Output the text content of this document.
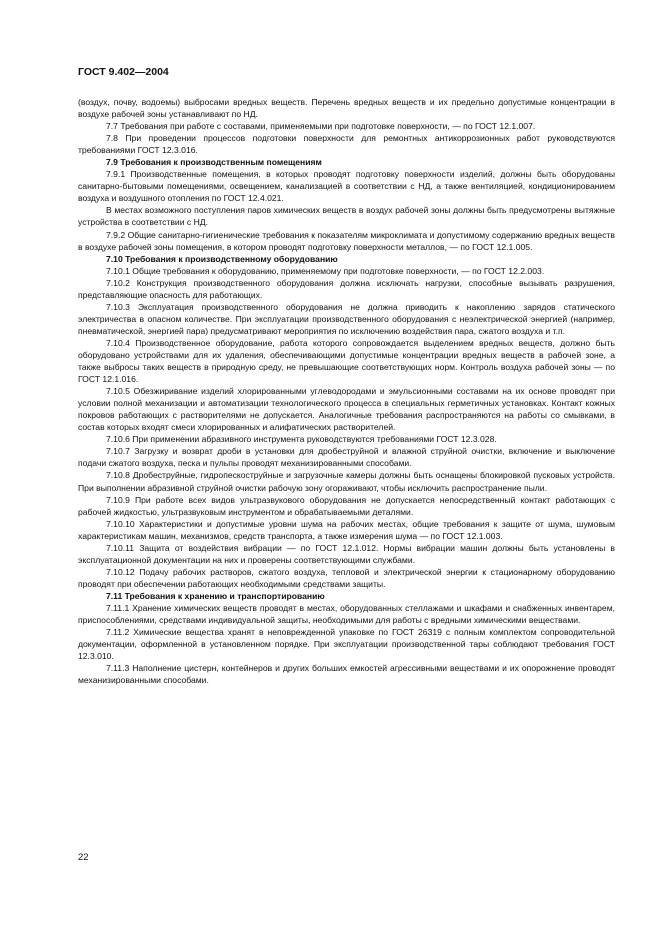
ГОСТ 9.402—2004

(воздух, почву, водоемы) выбросами вредных веществ. Перечень вредных веществ и их предельно допустимые концентрации в воздухе рабочей зоны устанавливают по НД.

7.7 Требования при работе с составами, применяемыми при подготовке поверхности, — по ГОСТ 12.1.007.

7.8 При проведении процессов подготовки поверхности для ремонтных антикоррозионных работ руководствуются требованиями ГОСТ 12.3.016.

7.9 Требования к производственным помещениям

7.9.1 Производственные помещения, в которых проводят подготовку поверхности изделий, должны быть оборудованы санитарно-бытовыми помещениями, освещением, канализацией в соответствии с НД, а также вентиляцией, кондиционированием воздуха и воздушного отопления по ГОСТ 12.4.021.

В местах возможного поступления паров химических веществ в воздух рабочей зоны должны быть предусмотрены вытяжные устройства в соответствии с НД.

7.9.2 Общие санитарно-гигиенические требования к показателям микроклимата и допустимому содержанию вредных веществ в воздухе рабочей зоны помещения, в котором проводят подготовку поверхности металлов, — по ГОСТ 12.1.005.

7.10 Требования к производственному оборудованию

7.10.1 Общие требования к оборудованию, применяемому при подготовке поверхности, — по ГОСТ 12.2.003.

7.10.2 Конструкция производственного оборудования должна исключать нагрузки, способные вызывать разрушения, представляющие опасность для работающих.

7.10.3 Эксплуатация производственного оборудования не должна приводить к накоплению зарядов статического электричества в опасном количестве. При эксплуатации производственного оборудования с неэлектрической энергией (например, пневматической, энергией пара) предусматривают мероприятия по исключению воздействия пара, сжатого воздуха и т.п.

7.10.4 Производственное оборудование, работа которого сопровождается выделением вредных веществ, должно быть оборудовано устройствами для их удаления, обеспечивающими допустимые концентрации вредных веществ в рабочей зоне, а также выбросы таких веществ в природную среду, не превышающие соответствующих норм. Контроль воздуха рабочей зоны — по ГОСТ 12.1.016.

7.10.5 Обезжиривание изделий хлорированными углеводородами и эмульсионными составами на их основе проводят при условии полной механизации и автоматизации технологического процесса в специальных герметичных установках. Контакт кожных покровов работающих с растворителями не допускается. Аналогичные требования распространяются на работы со смывками, в состав которых входят смеси хлорированных и алифатических растворителей.

7.10.6 При применении абразивного инструмента руководствуются требованиями ГОСТ 12.3.028.

7.10.7 Загрузку и возврат дроби в установки для дробеструйной и влажной струйной очистки, включение и выключение подачи сжатого воздуха, песка и пульпы проводят механизированными способами.

7.10.8 Дробеструйные, гидропескоструйные и загрузочные камеры должны быть оснащены блокировкой пусковых устройств. При выполнении абразивной струйной очистки рабочую зону огораживают, чтобы исключить распространение пыли.

7.10.9 При работе всех видов ультразвукового оборудования не допускается непосредственный контакт работающих с рабочей жидкостью, ультразвуковым инструментом и обрабатываемыми деталями.

7.10.10 Характеристики и допустимые уровни шума на рабочих местах, общие требования к защите от шума, шумовым характеристикам машин, механизмов, средств транспорта, а также измерения шума — по ГОСТ 12.1.003.

7.10.11 Защита от воздействия вибрации — по ГОСТ 12.1.012. Нормы вибрации машин должны быть установлены в эксплуатационной документации на них и проверены соответствующими службами.

7.10.12 Подачу рабочих растворов, сжатого воздуха, тепловой и электрической энергии к стационарному оборудованию проводят при обеспечении работающих необходимыми средствами защиты.

7.11 Требования к хранению и транспортированию

7.11.1 Хранение химических веществ проводят в местах, оборудованных стеллажами и шкафами и снабженных инвентарем, приспособлениями, средствами индивидуальной защиты, необходимыми для работы с вредными химическими веществами.

7.11.2 Химические вещества хранят в неповрежденной упаковке по ГОСТ 26319 с полным комплектом сопроводительной документации, оформленной в установленном порядке. При эксплуатации производственной тары соблюдают требования ГОСТ 12.3.010.

7.11.3 Наполнение цистерн, контейнеров и других больших емкостей агрессивными веществами и их опорожнение проводят механизированными способами.

22
